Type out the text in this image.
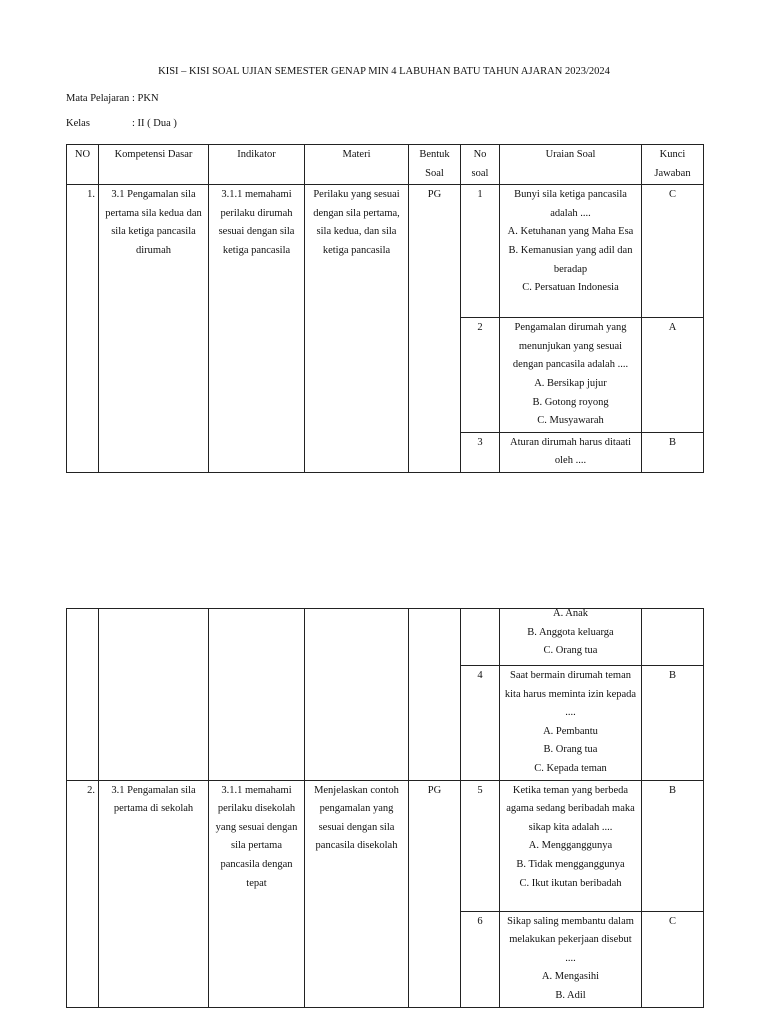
KISI – KISI SOAL UJIAN SEMESTER GENAP MIN 4 LABUHAN BATU TAHUN AJARAN 2023/2024
Mata Pelajaran : PKN
Kelas	: II ( Dua )
NO	Kompetensi Dasar	Indikator	Materi	Bentuk Soal	No soal	Uraian Soal	Kunci Jawaban
1.	3.1 Pengamalan sila pertama sila kedua dan sila ketiga pancasila dirumah	3.1.1 memahami perilaku dirumah sesuai dengan sila ketiga pancasila	Perilaku yang sesuai dengan sila pertama, sila kedua, dan sila ketiga pancasila	PG	1	Bunyi sila ketiga pancasila adalah ....
A. Ketuhanan yang Maha Esa
B. Kemanusian yang adil dan beradap
C. Persatuan Indonesia	C
					2	Pengamalan dirumah yang menunjukan yang sesuai dengan pancasila adalah ....
A. Bersikap jujur
B. Gotong royong
C. Musyawarah	A
					3	Aturan dirumah harus ditaati oleh ....	B

						A. Anak
B. Anggota keluarga
C. Orang tua	

					4	Saat bermain dirumah teman kita harus meminta izin kepada ....
A. Pembantu
B. Orang tua
C. Kepada teman	B
2.	3.1 Pengamalan sila pertama di sekolah	3.1.1 memahami perilaku disekolah yang sesuai dengan sila pertama pancasila dengan tepat	Menjelaskan contoh pengamalan yang sesuai dengan sila pancasila disekolah	PG	5	Ketika teman yang berbeda agama sedang beribadah maka sikap kita adalah ....
A. Mengganggunya
B. Tidak mengganggunya
C. Ikut ikutan beribadah	B
					6	Sikap saling membantu dalam melakukan pekerjaan disebut ....
A. Mengasihi
B. Adil	C
